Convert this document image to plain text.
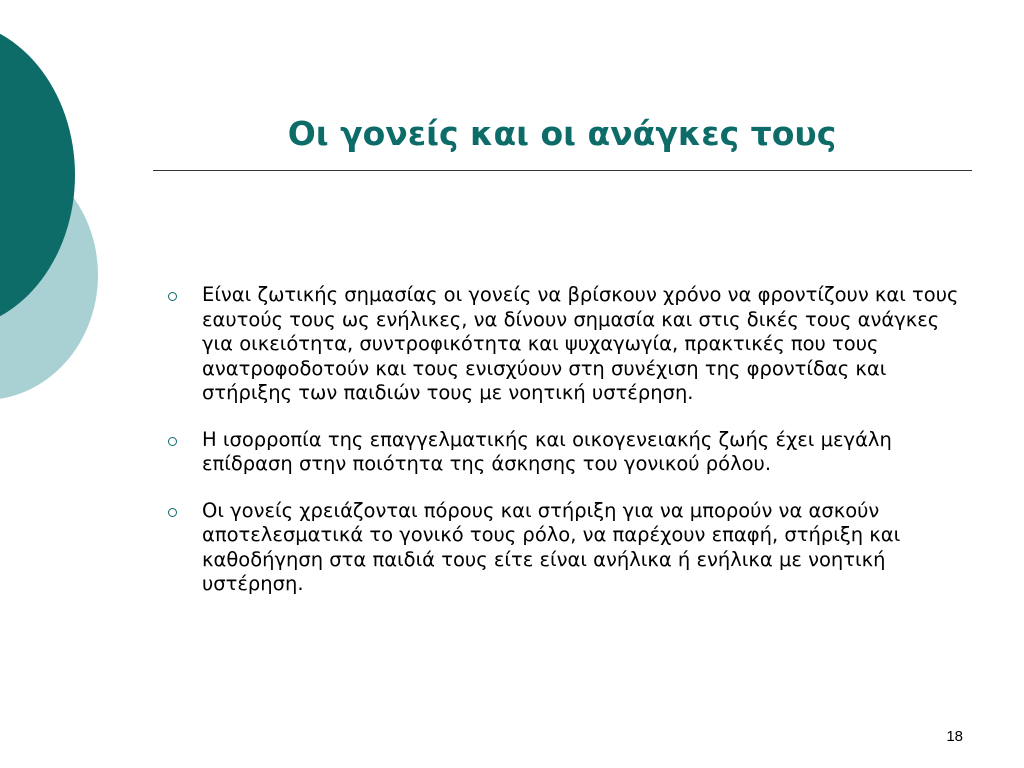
Οι γονείς και οι ανάγκες τους
Είναι ζωτικής σημασίας οι γονείς να βρίσκουν χρόνο να φροντίζουν και τους εαυτούς τους ως ενήλικες, να δίνουν σημασία και στις δικές τους ανάγκες για οικειότητα, συντροφικότητα και ψυχαγωγία, πρακτικές που τους ανατροφοδοτούν και τους ενισχύουν στη συνέχιση της φροντίδας και στήριξης των παιδιών τους με νοητική υστέρηση.
Η ισορροπία της επαγγελματικής και οικογενειακής ζωής έχει μεγάλη επίδραση στην ποιότητα της άσκησης του γονικού ρόλου.
Οι γονείς χρειάζονται πόρους και στήριξη για να μπορούν να ασκούν αποτελεσματικά το γονικό τους ρόλο, να παρέχουν επαφή, στήριξη και καθοδήγηση στα παιδιά τους είτε είναι ανήλικα ή ενήλικα με νοητική υστέρηση.
18
